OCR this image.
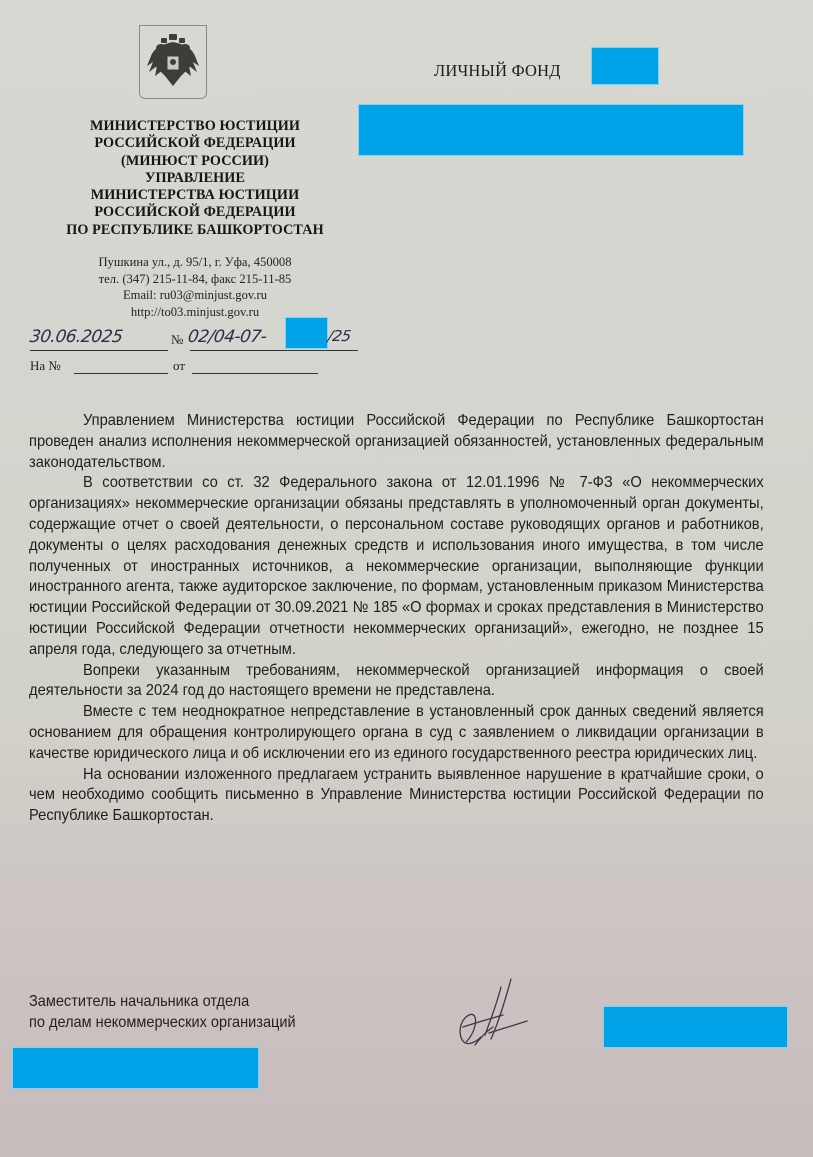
МИНИСТЕРСТВО ЮСТИЦИИ
РОССИЙСКОЙ ФЕДЕРАЦИИ
(МИНЮСТ РОССИИ)
УПРАВЛЕНИЕ
МИНИСТЕРСТВА ЮСТИЦИИ
РОССИЙСКОЙ ФЕДЕРАЦИИ
ПО РЕСПУБЛИКЕ БАШКОРТОСТАН
Пушкина ул., д. 95/1, г. Уфа, 450008
тел. (347) 215-11-84, факс 215-11-85
Email: ru03@minjust.gov.ru
http://to03.minjust.gov.ru
30.06.2025	№ 02/04-07-	/25
На №	от
ЛИЧНЫЙ ФОНД

Управлением Министерства юстиции Российской Федерации по Республике Башкортостан проведен анализ исполнения некоммерческой организацией обязанностей, установленных федеральным законодательством.

В соответствии со ст. 32 Федерального закона от 12.01.1996 № 7-ФЗ «О некоммерческих организациях» некоммерческие организации обязаны представлять в уполномоченный орган документы, содержащие отчет о своей деятельности, о персональном составе руководящих органов и работников, документы о целях расходования денежных средств и использования иного имущества, в том числе полученных от иностранных источников, а некоммерческие организации, выполняющие функции иностранного агента, также аудиторское заключение, по формам, установленным приказом Министерства юстиции Российской Федерации от 30.09.2021 № 185 «О формах и сроках представления в Министерство юстиции Российской Федерации отчетности некоммерческих организаций», ежегодно, не позднее 15 апреля года, следующего за отчетным.

Вопреки указанным требованиям, некоммерческой организацией информация о своей деятельности за 2024 год до настоящего времени не представлена.

Вместе с тем неоднократное непредставление в установленный срок данных сведений является основанием для обращения контролирующего органа в суд с заявлением о ликвидации организации в качестве юридического лица и об исключении его из единого государственного реестра юридических лиц.

На основании изложенного предлагаем устранить выявленное нарушение в кратчайшие сроки, о чем необходимо сообщить письменно в Управление Министерства юстиции Российской Федерации по Республике Башкортостан.

Заместитель начальника отдела
по делам некоммерческих организаций
